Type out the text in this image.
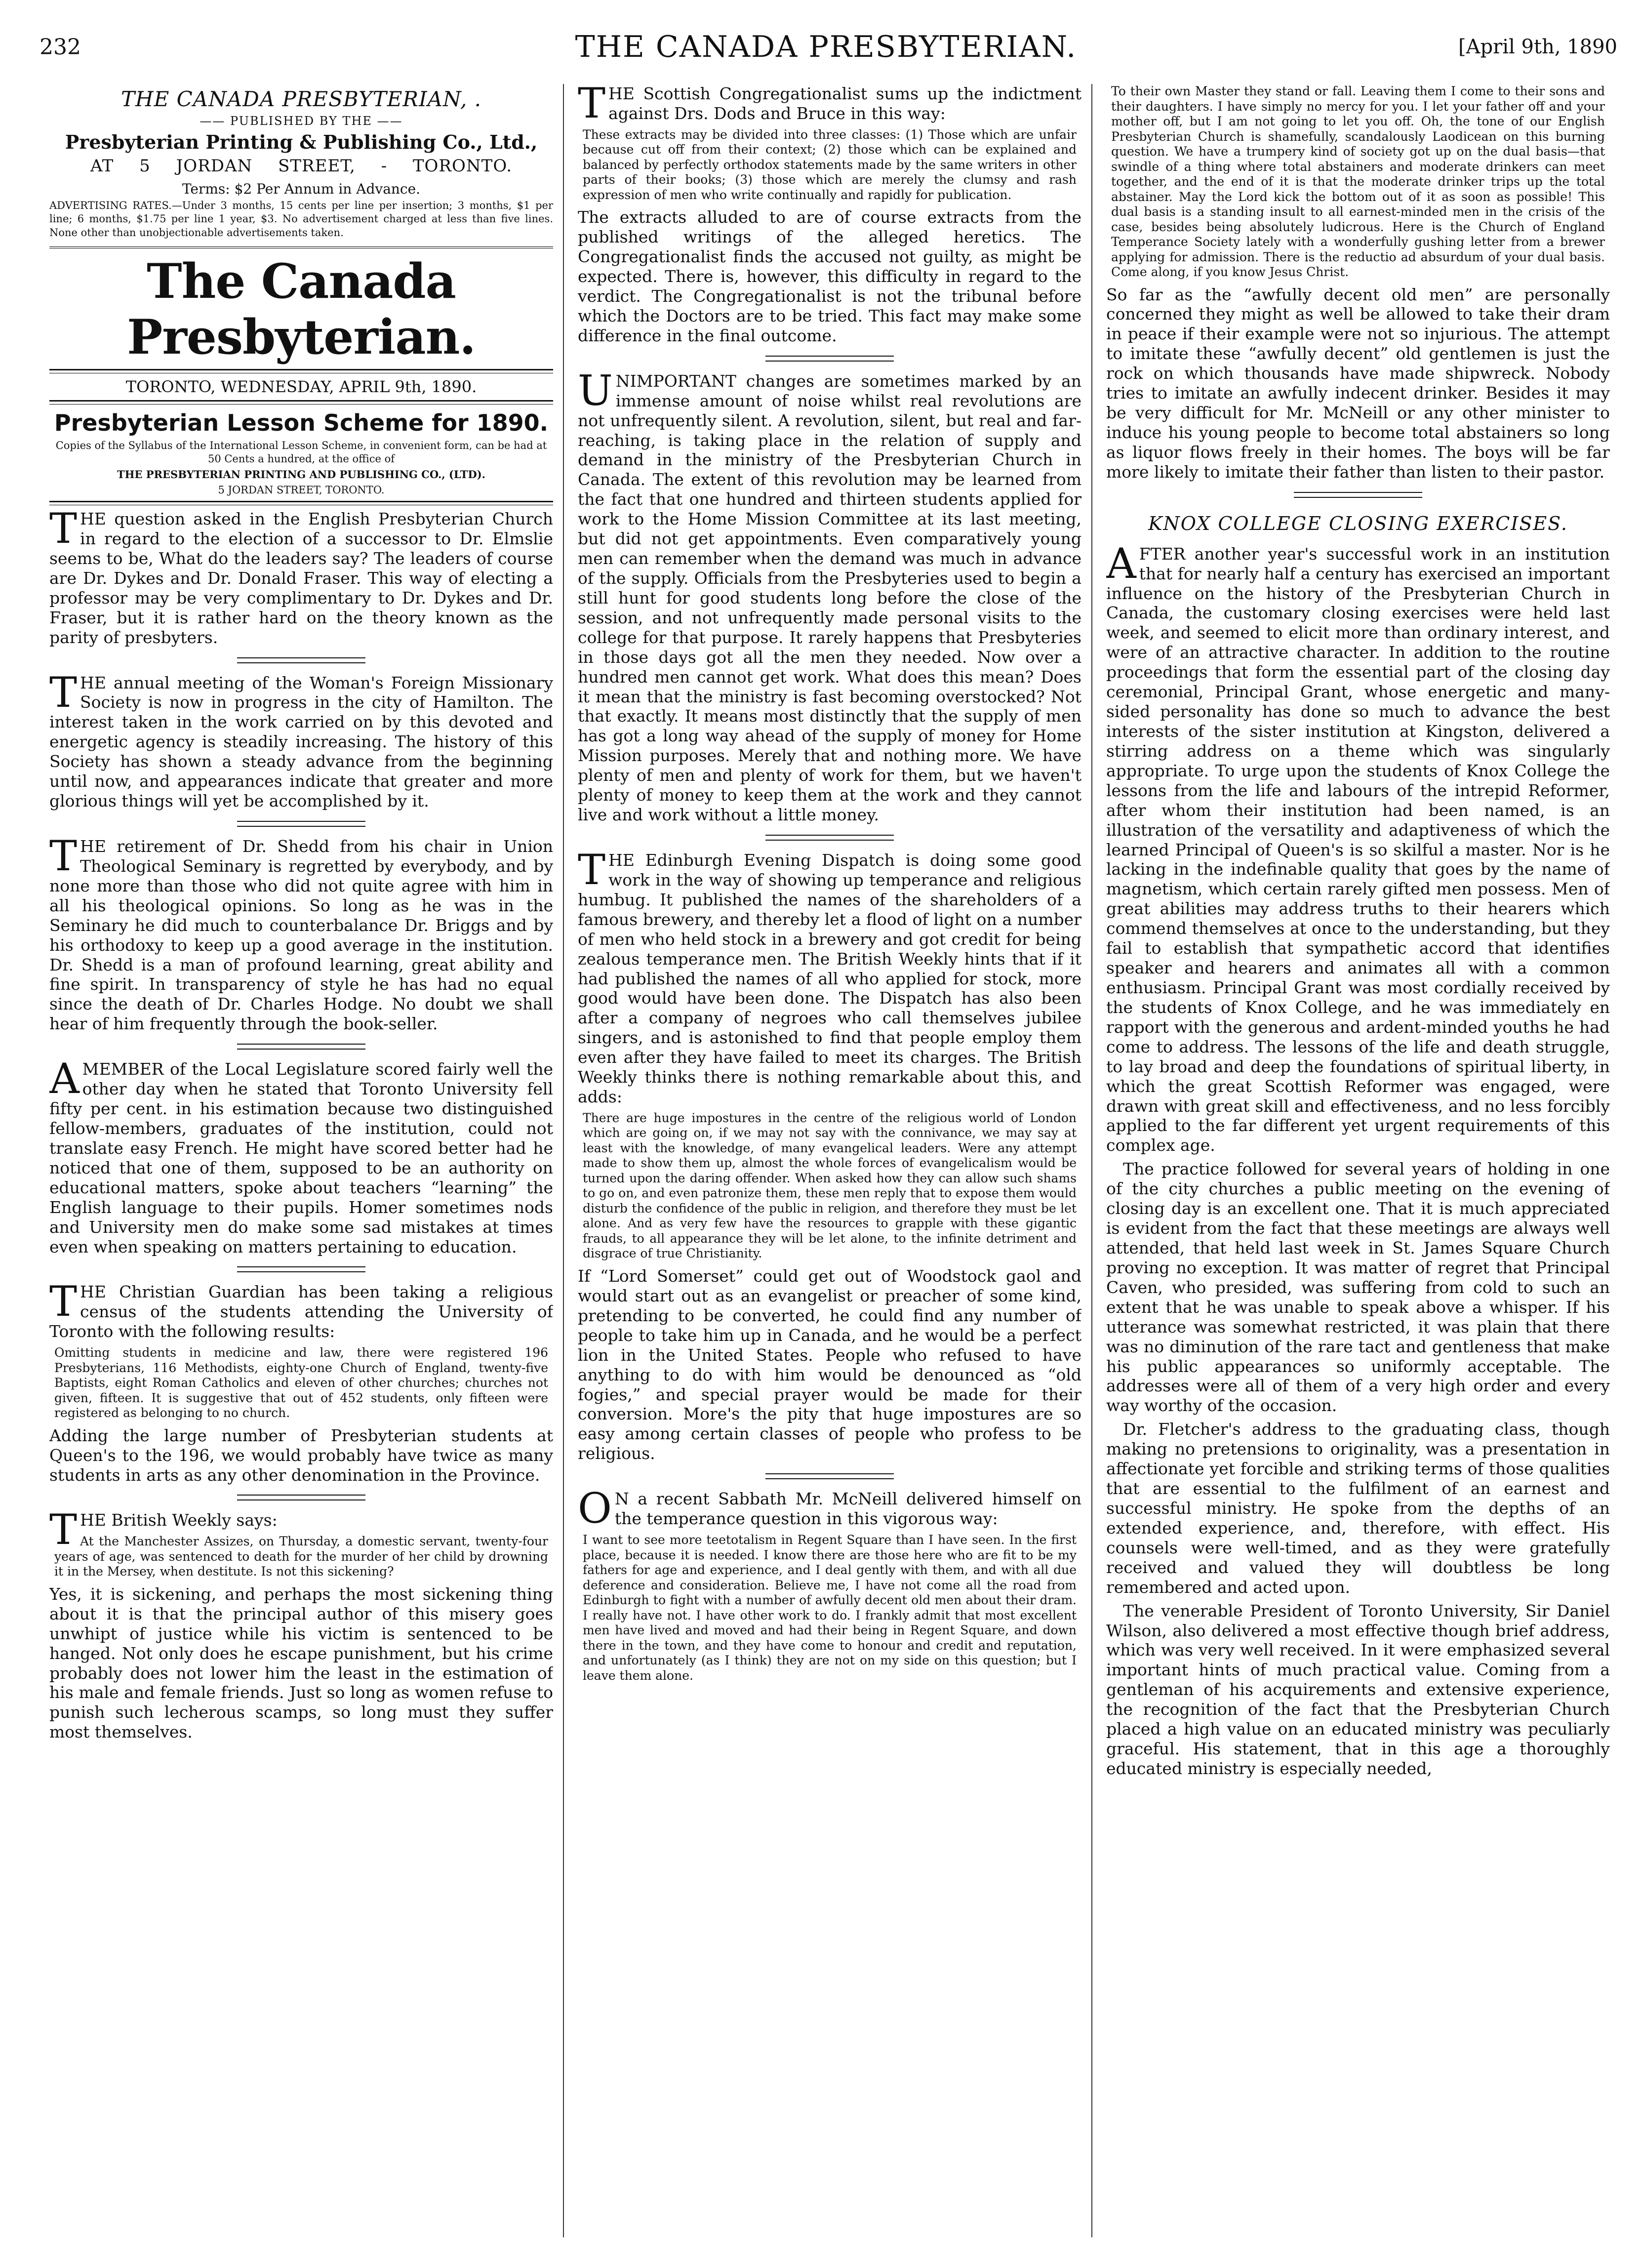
232	THE CANADA PRESBYTERIAN.	[April 9th, 1890
THE CANADA PRESBYTERIAN, .
—— PUBLISHED BY THE ——
Presbyterian Printing & Publishing Co., Ltd.,
AT 5 JORDAN STREET, - TORONTO.
Terms: $2 Per Annum in Advance.

ADVERTISING RATES.—Under 3 months, 15 cents per line per insertion; 3 months, $1 per line; 6 months, $1.75 per line 1 year, $3. No advertisement charged at less than five lines. None other than unobjectionable advertisements taken.

The Canada Presbyterian.
TORONTO, WEDNESDAY, APRIL 9th, 1890.
Presbyterian Lesson Scheme for 1890.
Copies of the Syllabus of the International Lesson Scheme, in convenient form, can be had at 50 Cents a hundred, at the office of
THE PRESBYTERIAN PRINTING AND PUBLISHING CO., (LTD).
5 JORDAN STREET, TORONTO.

THE question asked in the English Presbyterian Church in regard to the election of a successor to Dr. Elmslie seems to be, What do the leaders say? The leaders of course are Dr. Dykes and Dr. Donald Fraser. This way of electing a professor may be very complimentary to Dr. Dykes and Dr. Fraser, but it is rather hard on the theory known as the parity of presbyters.

THE annual meeting of the Woman's Foreign Missionary Society is now in progress in the city of Hamilton. The interest taken in the work carried on by this devoted and energetic agency is steadily increasing. The history of this Society has shown a steady advance from the beginning until now, and appearances indicate that greater and more glorious things will yet be accomplished by it.

THE retirement of Dr. Shedd from his chair in Union Theological Seminary is regretted by everybody, and by none more than those who did not quite agree with him in all his theological opinions. So long as he was in the Seminary he did much to counterbalance Dr. Briggs and by his orthodoxy to keep up a good average in the institution. Dr. Shedd is a man of profound learning, great ability and fine spirit. In transparency of style he has had no equal since the death of Dr. Charles Hodge. No doubt we shall hear of him frequently through the book-seller.

AMEMBER of the Local Legislature scored fairly well the other day when he stated that Toronto University fell fifty per cent. in his estimation because two distinguished fellow-members, graduates of the institution, could not translate easy French. He might have scored better had he noticed that one of them, supposed to be an authority on educational matters, spoke about teachers “learning” the English language to their pupils. Homer sometimes nods and University men do make some sad mistakes at times even when speaking on matters pertaining to education.

THE Christian Guardian has been taking a religious census of the students attending the University of Toronto with the following results:

Omitting students in medicine and law, there were registered 196 Presbyterians, 116 Methodists, eighty-one Church of England, twenty-five Baptists, eight Roman Catholics and eleven of other churches; churches not given, fifteen. It is suggestive that out of 452 students, only fifteen were registered as belonging to no church.

Adding the large number of Presbyterian students at Queen's to the 196, we would probably have twice as many students in arts as any other denomination in the Province.

THE British Weekly says:

At the Manchester Assizes, on Thursday, a domestic servant, twenty-four years of age, was sentenced to death for the murder of her child by drowning it in the Mersey, when destitute. Is not this sickening?

Yes, it is sickening, and perhaps the most sickening thing about it is that the principal author of this misery goes unwhipt of justice while his victim is sentenced to be hanged. Not only does he escape punishment, but his crime probably does not lower him the least in the estimation of his male and female friends. Just so long as women refuse to punish such lecherous scamps, so long must they suffer most themselves.

THE Scottish Congregationalist sums up the indictment against Drs. Dods and Bruce in this way:

These extracts may be divided into three classes: (1) Those which are unfair because cut off from their context; (2) those which can be explained and balanced by perfectly orthodox statements made by the same writers in other parts of their books; (3) those which are merely the clumsy and rash expression of men who write continually and rapidly for publication.

The extracts alluded to are of course extracts from the published writings of the alleged heretics. The Congregationalist finds the accused not guilty, as might be expected. There is, however, this difficulty in regard to the verdict. The Congregationalist is not the tribunal before which the Doctors are to be tried. This fact may make some difference in the final outcome.

UNIMPORTANT changes are sometimes marked by an immense amount of noise whilst real revolutions are not unfrequently silent. A revolution, silent, but real and far-reaching, is taking place in the relation of supply and demand in the ministry of the Presbyterian Church in Canada. The extent of this revolution may be learned from the fact that one hundred and thirteen students applied for work to the Home Mission Committee at its last meeting, but did not get appointments. Even comparatively young men can remember when the demand was much in advance of the supply. Officials from the Presbyteries used to begin a still hunt for good students long before the close of the session, and not unfrequently made personal visits to the college for that purpose. It rarely happens that Presbyteries in those days got all the men they needed. Now over a hundred men cannot get work. What does this mean? Does it mean that the ministry is fast becoming overstocked? Not that exactly. It means most distinctly that the supply of men has got a long way ahead of the supply of money for Home Mission purposes. Merely that and nothing more. We have plenty of men and plenty of work for them, but we haven't plenty of money to keep them at the work and they cannot live and work without a little money.

THE Edinburgh Evening Dispatch is doing some good work in the way of showing up temperance and religious humbug. It published the names of the shareholders of a famous brewery, and thereby let a flood of light on a number of men who held stock in a brewery and got credit for being zealous temperance men. The British Weekly hints that if it had published the names of all who applied for stock, more good would have been done. The Dispatch has also been after a company of negroes who call themselves jubilee singers, and is astonished to find that people employ them even after they have failed to meet its charges. The British Weekly thinks there is nothing remarkable about this, and adds:

There are huge impostures in the centre of the religious world of London which are going on, if we may not say with the connivance, we may say at least with the knowledge, of many evangelical leaders. Were any attempt made to show them up, almost the whole forces of evangelicalism would be turned upon the daring offender. When asked how they can allow such shams to go on, and even patronize them, these men reply that to expose them would disturb the confidence of the public in religion, and therefore they must be let alone. And as very few have the resources to grapple with these gigantic frauds, to all appearance they will be let alone, to the infinite detriment and disgrace of true Christianity.

If “Lord Somerset” could get out of Woodstock gaol and would start out as an evangelist or preacher of some kind, pretending to be converted, he could find any number of people to take him up in Canada, and he would be a perfect lion in the United States. People who refused to have anything to do with him would be denounced as “old fogies,” and special prayer would be made for their conversion. More's the pity that huge impostures are so easy among certain classes of people who profess to be religious.

ON a recent Sabbath Mr. McNeill delivered himself on the temperance question in this vigorous way:

I want to see more teetotalism in Regent Square than I have seen. In the first place, because it is needed. I know there are those here who are fit to be my fathers for age and experience, and I deal gently with them, and with all due deference and consideration. Believe me, I have not come all the road from Edinburgh to fight with a number of awfully decent old men about their dram. I really have not. I have other work to do. I frankly admit that most excellent men have lived and moved and had their being in Regent Square, and down there in the town, and they have come to honour and credit and reputation, and unfortunately (as I think) they are not on my side on this question; but I leave them alone.
To their own Master they stand or fall. Leaving them I come to their sons and their daughters. I have simply no mercy for you. I let your father off and your mother off, but I am not going to let you off. Oh, the tone of our English Presbyterian Church is shamefully, scandalously Laodicean on this burning question. We have a trumpery kind of society got up on the dual basis—that swindle of a thing where total abstainers and moderate drinkers can meet together, and the end of it is that the moderate drinker trips up the total abstainer. May the Lord kick the bottom out of it as soon as possible! This dual basis is a standing insult to all earnest-minded men in the crisis of the case, besides being absolutely ludicrous. Here is the Church of England Temperance Society lately with a wonderfully gushing letter from a brewer applying for admission. There is the reductio ad absurdum of your dual basis. Come along, if you know Jesus Christ.

So far as the “awfully decent old men” are personally concerned they might as well be allowed to take their dram in peace if their example were not so injurious. The attempt to imitate these “awfully decent” old gentlemen is just the rock on which thousands have made shipwreck. Nobody tries to imitate an awfully indecent drinker. Besides it may be very difficult for Mr. McNeill or any other minister to induce his young people to become total abstainers so long as liquor flows freely in their homes. The boys will be far more likely to imitate their father than listen to their pastor.

KNOX COLLEGE CLOSING EXERCISES.

AFTER another year's successful work in an institution that for nearly half a century has exercised an important influence on the history of the Presbyterian Church in Canada, the customary closing exercises were held last week, and seemed to elicit more than ordinary interest, and were of an attractive character. In addition to the routine proceedings that form the essential part of the closing day ceremonial, Principal Grant, whose energetic and many-sided personality has done so much to advance the best interests of the sister institution at Kingston, delivered a stirring address on a theme which was singularly appropriate. To urge upon the students of Knox College the lessons from the life and labours of the intrepid Reformer, after whom their institution had been named, is an illustration of the versatility and adaptiveness of which the learned Principal of Queen's is so skilful a master. Nor is he lacking in the indefinable quality that goes by the name of magnetism, which certain rarely gifted men possess. Men of great abilities may address truths to their hearers which commend themselves at once to the understanding, but they fail to establish that sympathetic accord that identifies speaker and hearers and animates all with a common enthusiasm. Principal Grant was most cordially received by the students of Knox College, and he was immediately en rapport with the generous and ardent-minded youths he had come to address. The lessons of the life and death struggle, to lay broad and deep the foundations of spiritual liberty, in which the great Scottish Reformer was engaged, were drawn with great skill and effectiveness, and no less forcibly applied to the far different yet urgent requirements of this complex age.

The practice followed for several years of holding in one of the city churches a public meeting on the evening of closing day is an excellent one. That it is much appreciated is evident from the fact that these meetings are always well attended, that held last week in St. James Square Church proving no exception. It was matter of regret that Principal Caven, who presided, was suffering from cold to such an extent that he was unable to speak above a whisper. If his utterance was somewhat restricted, it was plain that there was no diminution of the rare tact and gentleness that make his public appearances so uniformly acceptable. The addresses were all of them of a very high order and every way worthy of the occasion.

Dr. Fletcher's address to the graduating class, though making no pretensions to originality, was a presentation in affectionate yet forcible and striking terms of those qualities that are essential to the fulfilment of an earnest and successful ministry. He spoke from the depths of an extended experience, and, therefore, with effect. His counsels were well-timed, and as they were gratefully received and valued they will doubtless be long remembered and acted upon.

The venerable President of Toronto University, Sir Daniel Wilson, also delivered a most effective though brief address, which was very well received. In it were emphasized several important hints of much practical value. Coming from a gentleman of his acquirements and extensive experience, the recognition of the fact that the Presbyterian Church placed a high value on an educated ministry was peculiarly graceful. His statement, that in this age a thoroughly educated ministry is especially needed,
